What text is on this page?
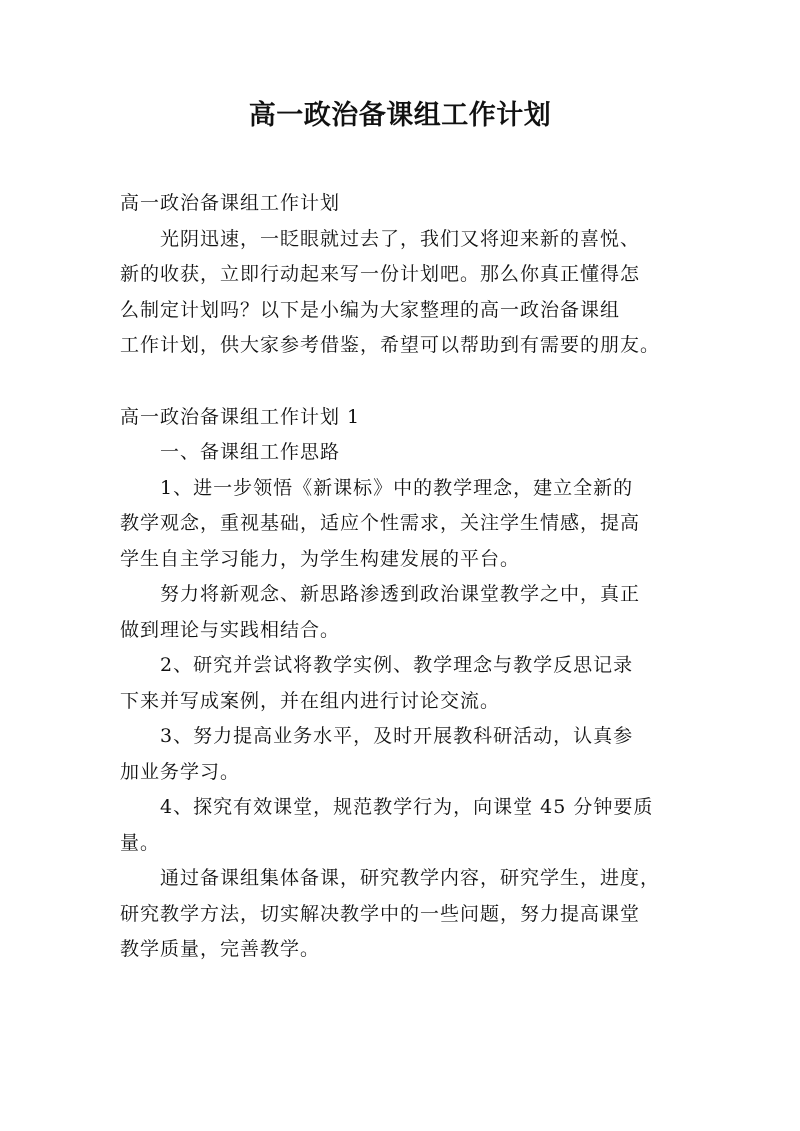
高一政治备课组工作计划
高一政治备课组工作计划
光阴迅速，一眨眼就过去了，我们又将迎来新的喜悦、
新的收获，立即行动起来写一份计划吧。那么你真正懂得怎
么制定计划吗？以下是小编为大家整理的高一政治备课组
工作计划，供大家参考借鉴，希望可以帮助到有需要的朋友。
高一政治备课组工作计划 1
一、备课组工作思路
1、进一步领悟《新课标》中的教学理念，建立全新的
教学观念，重视基础，适应个性需求，关注学生情感，提高
学生自主学习能力，为学生构建发展的平台。
努力将新观念、新思路渗透到政治课堂教学之中，真正
做到理论与实践相结合。
2、研究并尝试将教学实例、教学理念与教学反思记录
下来并写成案例，并在组内进行讨论交流。
3、努力提高业务水平，及时开展教科研活动，认真参
加业务学习。
4、探究有效课堂，规范教学行为，向课堂 45 分钟要质
量。
通过备课组集体备课，研究教学内容，研究学生，进度，
研究教学方法，切实解决教学中的一些问题，努力提高课堂
教学质量，完善教学。
